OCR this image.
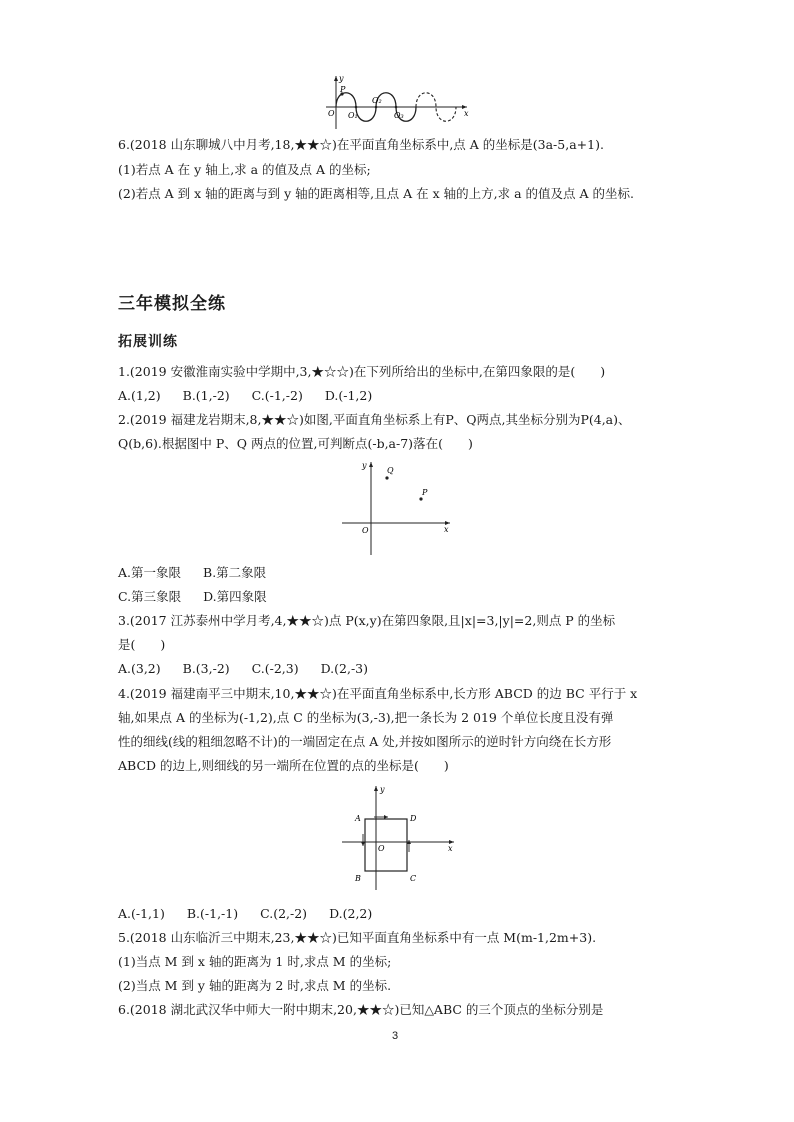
y
x
O
P
O₁
O₂
O₃
6.(2018 山东聊城八中月考,18,★★☆)在平面直角坐标系中,点 A 的坐标是(3a-5,a+1).
(1)若点 A 在 y 轴上,求 a 的值及点 A 的坐标;
(2)若点 A 到 x 轴的距离与到 y 轴的距离相等,且点 A 在 x 轴的上方,求 a 的值及点 A 的坐标.
三年模拟全练
拓展训练
1.(2019 安徽淮南实验中学期中,3,★☆☆)在下列所给出的坐标中,在第四象限的是(　　)
A.(1,2) B.(1,-2) C.(-1,-2) D.(-1,2)
2.(2019 福建龙岩期末,8,★★☆)如图,平面直角坐标系上有P、Q两点,其坐标分别为P(4,a)、
Q(b,6).根据图中 P、Q 两点的位置,可判断点(-b,a-7)落在(　　)
y
x
O
Q
P
A.第一象限 B.第二象限
C.第三象限 D.第四象限
3.(2017 江苏泰州中学月考,4,★★☆)点 P(x,y)在第四象限,且|x|=3,|y|=2,则点 P 的坐标
是(　　)
A.(3,2) B.(3,-2) C.(-2,3) D.(2,-3)
4.(2019 福建南平三中期末,10,★★☆)在平面直角坐标系中,长方形 ABCD 的边 BC 平行于 x
轴,如果点 A 的坐标为(-1,2),点 C 的坐标为(3,-3),把一条长为 2 019 个单位长度且没有弹
性的细线(线的粗细忽略不计)的一端固定在点 A 处,并按如图所示的逆时针方向绕在长方形
ABCD 的边上,则细线的另一端所在位置的点的坐标是(　　)
y
x
O
A	D
B	C
A.(-1,1) B.(-1,-1) C.(2,-2) D.(2,2)
5.(2018 山东临沂三中期末,23,★★☆)已知平面直角坐标系中有一点 M(m-1,2m+3).
(1)当点 M 到 x 轴的距离为 1 时,求点 M 的坐标;
(2)当点 M 到 y 轴的距离为 2 时,求点 M 的坐标.
6.(2018 湖北武汉华中师大一附中期末,20,★★☆)已知△ABC 的三个顶点的坐标分别是
3
